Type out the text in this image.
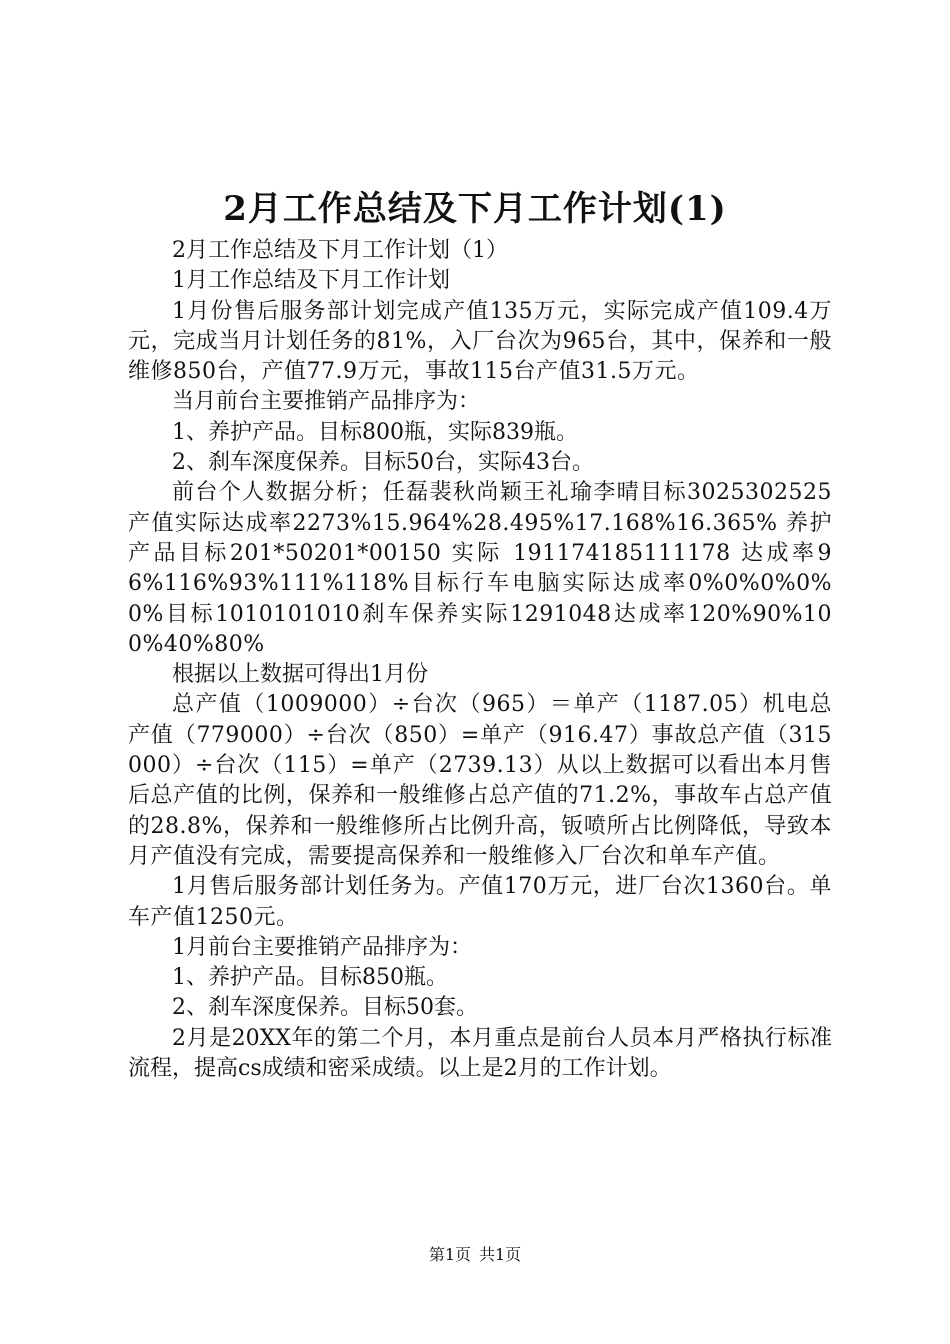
2月工作总结及下月工作计划(1)

2月工作总结及下月工作计划（1）

1月工作总结及下月工作计划

1月份售后服务部计划完成产值135万元，实际完成产值109.4万元，完成当月计划任务的81%，入厂台次为965台，其中，保养和一般维修850台，产值77.9万元，事故115台产值31.5万元。

当月前台主要推销产品排序为：

1、养护产品。目标800瓶，实际839瓶。

2、刹车深度保养。目标50台，实际43台。

前台个人数据分析；任磊裴秋尚颖王礼瑜李晴目标3025302525 产值实际达成率2273%15.964%28.495%17.168%16.365% 养护产品目标201*50201*00150 实际 191174185111178 达成率96%116%93%111%118%目标行车电脑实际达成率0%0%0%0%0%目标1010101010刹车保养实际1291048达成率120%90%100%40%80%

根据以上数据可得出1月份

总产值（1009000）÷台次（965）＝单产（1187.05）机电总产值（779000）÷台次（850）=单产（916.47）事故总产值（315000）÷台次（115）=单产（2739.13）从以上数据可以看出本月售后总产值的比例，保养和一般维修占总产值的71.2%，事故车占总产值的28.8%，保养和一般维修所占比例升高，钣喷所占比例降低，导致本月产值没有完成，需要提高保养和一般维修入厂台次和单车产值。

1月售后服务部计划任务为。产值170万元，进厂台次1360台。单车产值1250元。

1月前台主要推销产品排序为：

1、养护产品。目标850瓶。

2、刹车深度保养。目标50套。

2月是20XX年的第二个月，本月重点是前台人员本月严格执行标准流程，提高cs成绩和密采成绩。以上是2月的工作计划。

第1页 共1页
